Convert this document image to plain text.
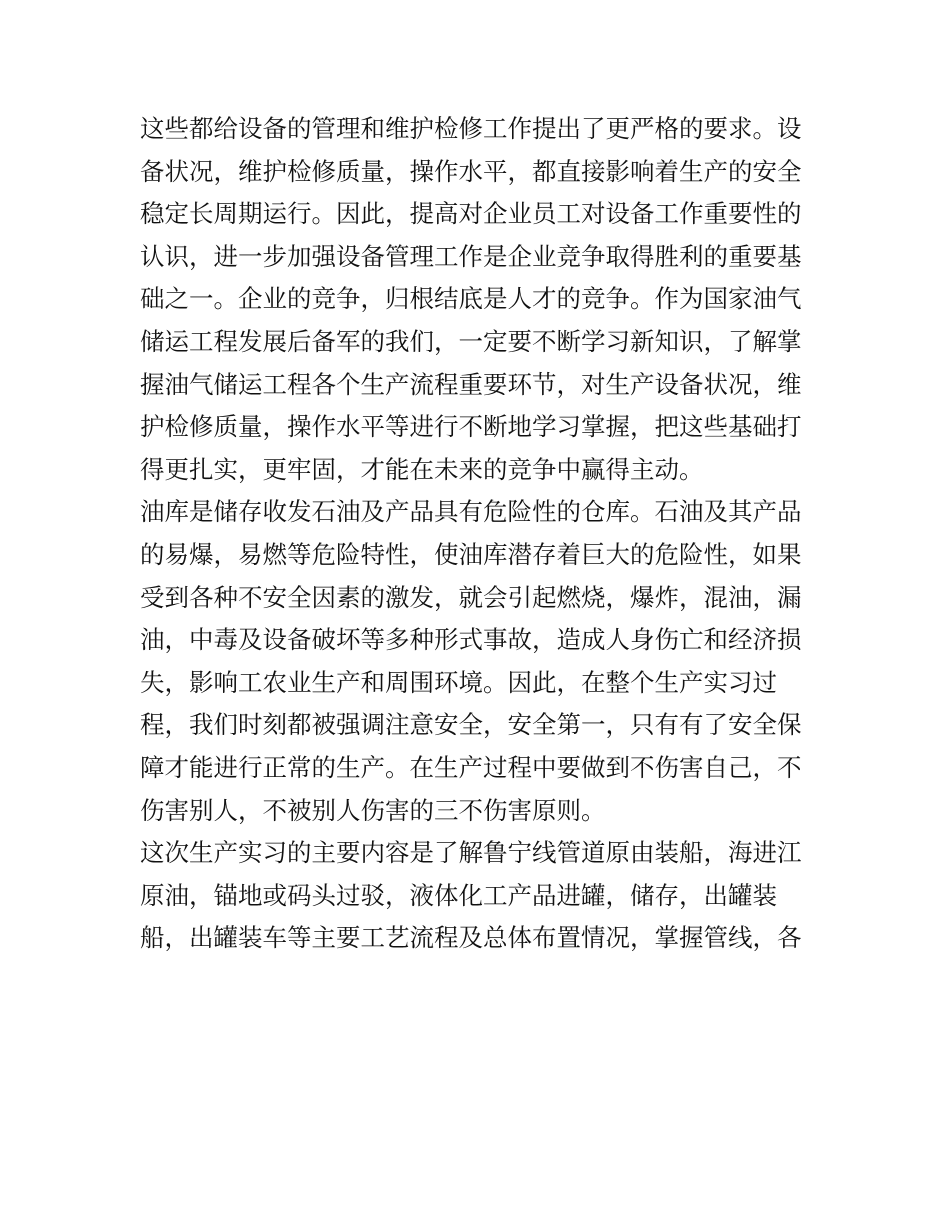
这些都给设备的管理和维护检修工作提出了更严格的要求。设
备状况，维护检修质量，操作水平，都直接影响着生产的安全
稳定长周期运行。因此，提高对企业员工对设备工作重要性的
认识，进一步加强设备管理工作是企业竞争取得胜利的重要基
础之一。企业的竞争，归根结底是人才的竞争。作为国家油气
储运工程发展后备军的我们，一定要不断学习新知识，了解掌
握油气储运工程各个生产流程重要环节，对生产设备状况，维
护检修质量，操作水平等进行不断地学习掌握，把这些基础打
得更扎实，更牢固，才能在未来的竞争中赢得主动。
油库是储存收发石油及产品具有危险性的仓库。石油及其产品
的易爆，易燃等危险特性，使油库潜存着巨大的危险性，如果
受到各种不安全因素的激发，就会引起燃烧，爆炸，混油，漏
油，中毒及设备破坏等多种形式事故，造成人身伤亡和经济损
失，影响工农业生产和周围环境。因此，在整个生产实习过
程，我们时刻都被强调注意安全，安全第一，只有有了安全保
障才能进行正常的生产。在生产过程中要做到不伤害自己，不
伤害别人，不被别人伤害的三不伤害原则。
这次生产实习的主要内容是了解鲁宁线管道原由装船，海进江
原油，锚地或码头过驳，液体化工产品进罐，储存，出罐装
船，出罐装车等主要工艺流程及总体布置情况，掌握管线，各
